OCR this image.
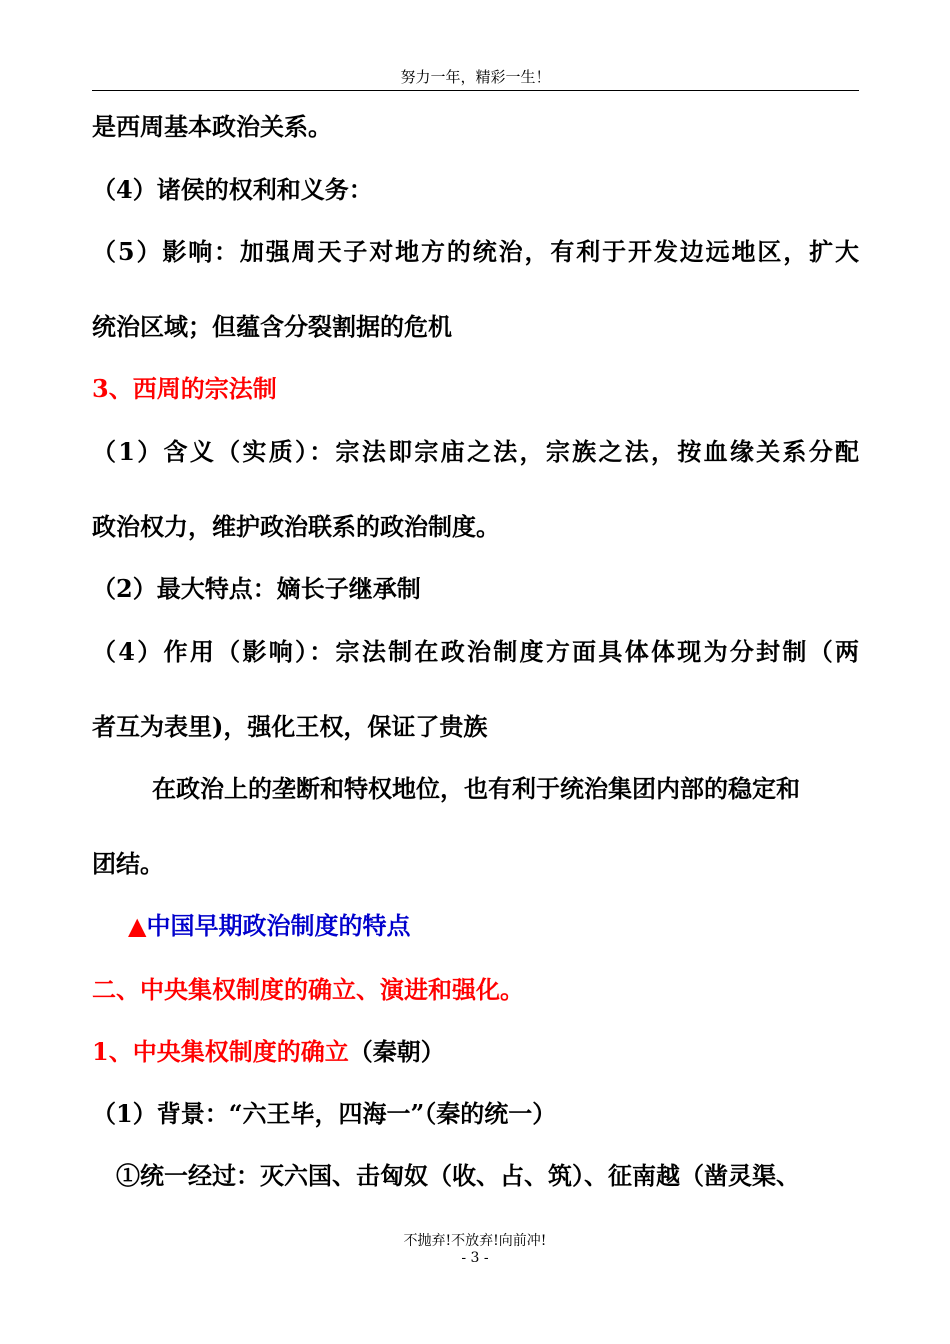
努力一年，精彩一生！
是西周基本政治关系。
（4）诸侯的权利和义务：
（5）影响：加强周天子对地方的统治，有利于开发边远地区，扩大
统治区域；但蕴含分裂割据的危机
3、西周的宗法制
（1）含义（实质）：宗法即宗庙之法，宗族之法，按血缘关系分配
政治权力，维护政治联系的政治制度。
（2）最大特点：嫡长子继承制
（4）作用（影响）：宗法制在政治制度方面具体体现为分封制（两
者互为表里)，强化王权，保证了贵族
在政治上的垄断和特权地位，也有利于统治集团内部的稳定和
团结。
▲中国早期政治制度的特点
二、中央集权制度的确立、演进和强化。
1、中央集权制度的确立（秦朝）
（1）背景：“六王毕，四海一”（秦的统一）
①统一经过：灭六国、击匈奴（收、占、筑）、征南越（凿灵渠、
不抛弃!不放弃!向前冲!
- 3 -
